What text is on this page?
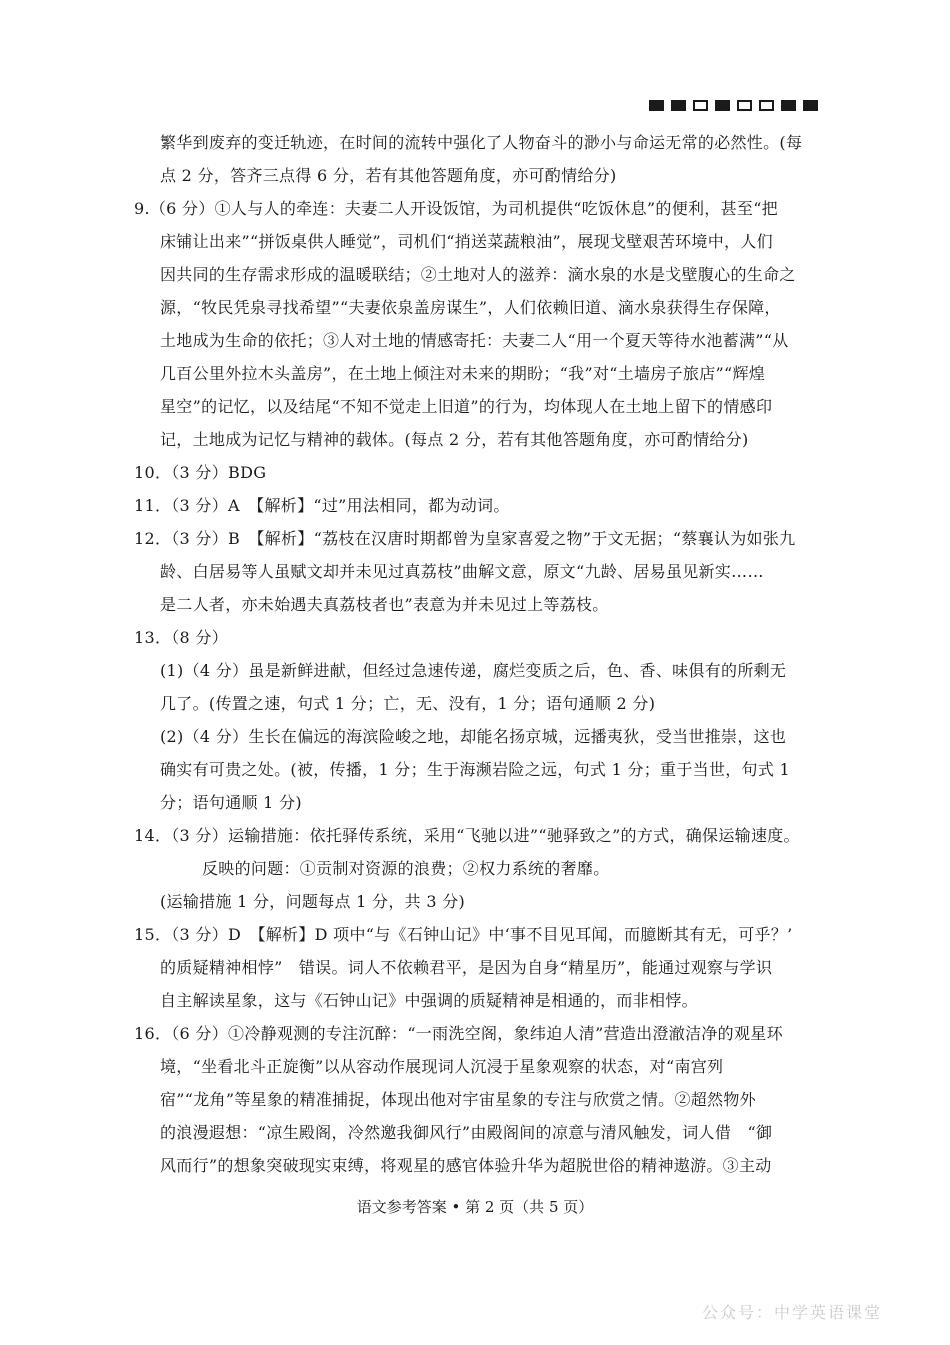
繁华到废弃的变迁轨迹，在时间的流转中强化了人物奋斗的渺小与命运无常的必然性。(每
点 2 分，答齐三点得 6 分，若有其他答题角度，亦可酌情给分)
9.（6 分）①人与人的牵连：夫妻二人开设饭馆，为司机提供“吃饭休息”的便利，甚至“把
床铺让出来”“拼饭桌供人睡觉”，司机们“捎送菜蔬粮油”，展现戈壁艰苦环境中，人们
因共同的生存需求形成的温暖联结；②土地对人的滋养：滴水泉的水是戈壁腹心的生命之
源，“牧民凭泉寻找希望”“夫妻依泉盖房谋生”，人们依赖旧道、滴水泉获得生存保障，
土地成为生命的依托；③人对土地的情感寄托：夫妻二人“用一个夏天等待水池蓄满”“从
几百公里外拉木头盖房”，在土地上倾注对未来的期盼；“我”对“土墙房子旅店”“辉煌
星空”的记忆，以及结尾“不知不觉走上旧道”的行为，均体现人在土地上留下的情感印
记，土地成为记忆与精神的载体。(每点 2 分，若有其他答题角度，亦可酌情给分)
10．（3 分）BDG
11．（3 分）A　【解析】“过”用法相同，都为动词。
12．（3 分）B　【解析】“荔枝在汉唐时期都曾为皇家喜爱之物”于文无据；“蔡襄认为如张九
龄、白居易等人虽赋文却并未见过真荔枝”曲解文意，原文“九龄、居易虽见新实……
是二人者，亦未始遇夫真荔枝者也”表意为并未见过上等荔枝。
13．（8 分）
(1)（4 分）虽是新鲜进献，但经过急速传递，腐烂变质之后，色、香、味俱有的所剩无
几了。(传置之速，句式 1 分；亡，无、没有，1 分；语句通顺 2 分)
(2)（4 分）生长在偏远的海滨险峻之地，却能名扬京城，远播夷狄，受当世推崇，这也
确实有可贵之处。(被，传播，1 分；生于海濒岩险之远，句式 1 分；重于当世，句式 1
分；语句通顺 1 分)
14．（3 分）运输措施：依托驿传系统，采用“飞驰以进”“驰驿致之”的方式，确保运输速度。
反映的问题：①贡制对资源的浪费；②权力系统的奢靡。
(运输措施 1 分，问题每点 1 分，共 3 分)
15．（3 分）D　【解析】D 项中“与《石钟山记》中‘事不目见耳闻，而臆断其有无，可乎？’
的质疑精神相悖”　错误。词人不依赖君平，是因为自身“精星历”，能通过观察与学识
自主解读星象，这与《石钟山记》中强调的质疑精神是相通的，而非相悖。
16．（6 分）①冷静观测的专注沉醉：“一雨洗空阁，象纬迫人清”营造出澄澈洁净的观星环
境，“坐看北斗正旋衡”以从容动作展现词人沉浸于星象观察的状态，对“南宫列
宿”“龙角”等星象的精准捕捉，体现出他对宇宙星象的专注与欣赏之情。②超然物外
的浪漫遐想：“凉生殿阁，冷然邀我御风行”由殿阁间的凉意与清风触发，词人借　“御
风而行”的想象突破现实束缚，将观星的感官体验升华为超脱世俗的精神遨游。③主动
语文参考答案 • 第 2 页（共 5 页）
公众号：中学英语课堂
